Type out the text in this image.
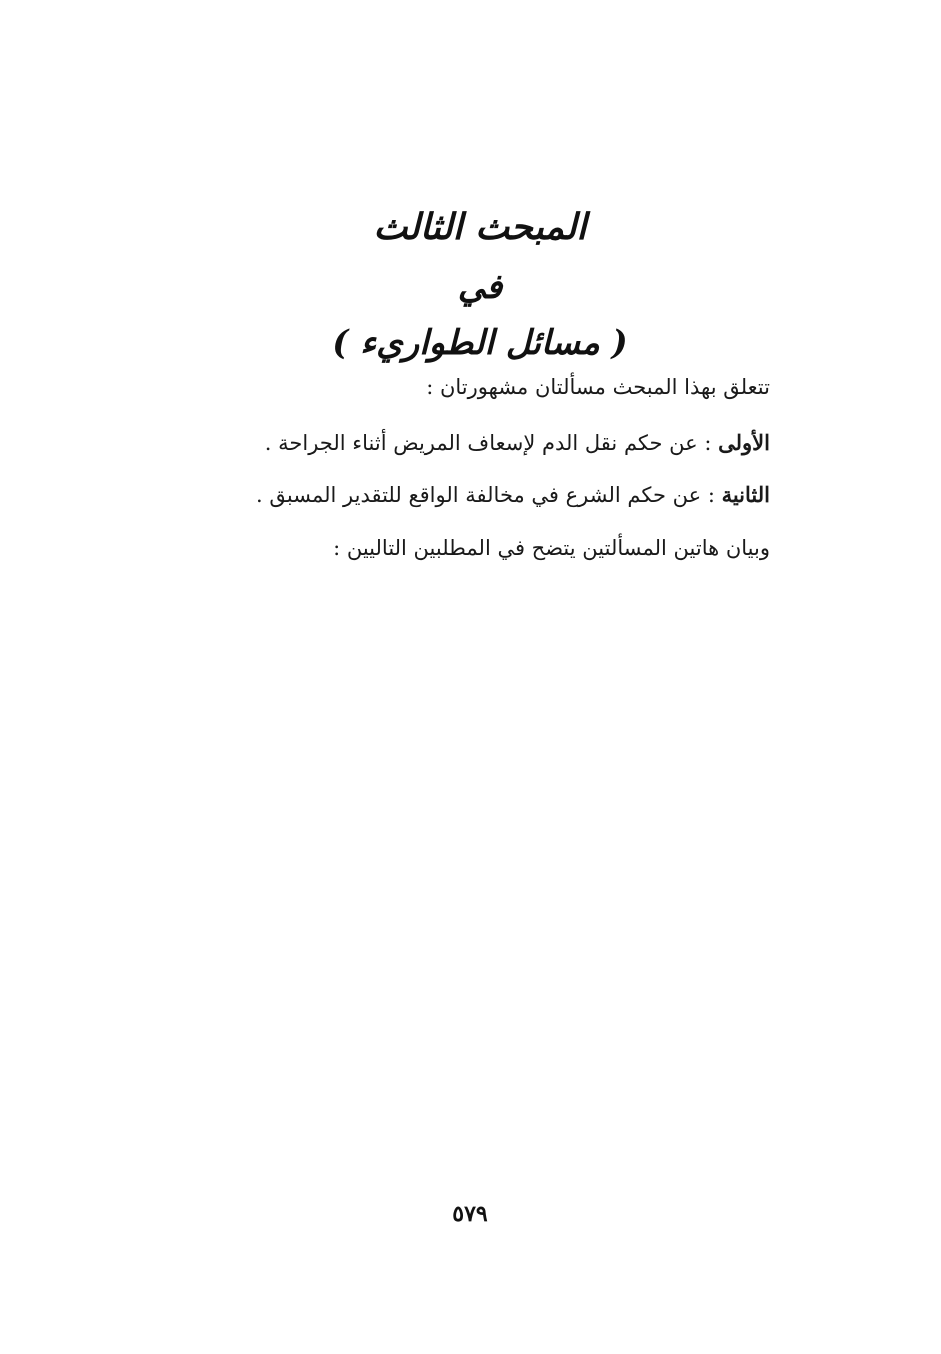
المبحث الثالث
في
( مسائل الطواريء )
تتعلق بهذا المبحث مسألتان مشهورتان :
الأولى : عن حكم نقل الدم لإسعاف المريض أثناء الجراحة .
الثانية : عن حكم الشرع في مخالفة الواقع للتقدير المسبق .
وبيان هاتين المسألتين يتضح في المطلبين التاليين :
٥٧٩
